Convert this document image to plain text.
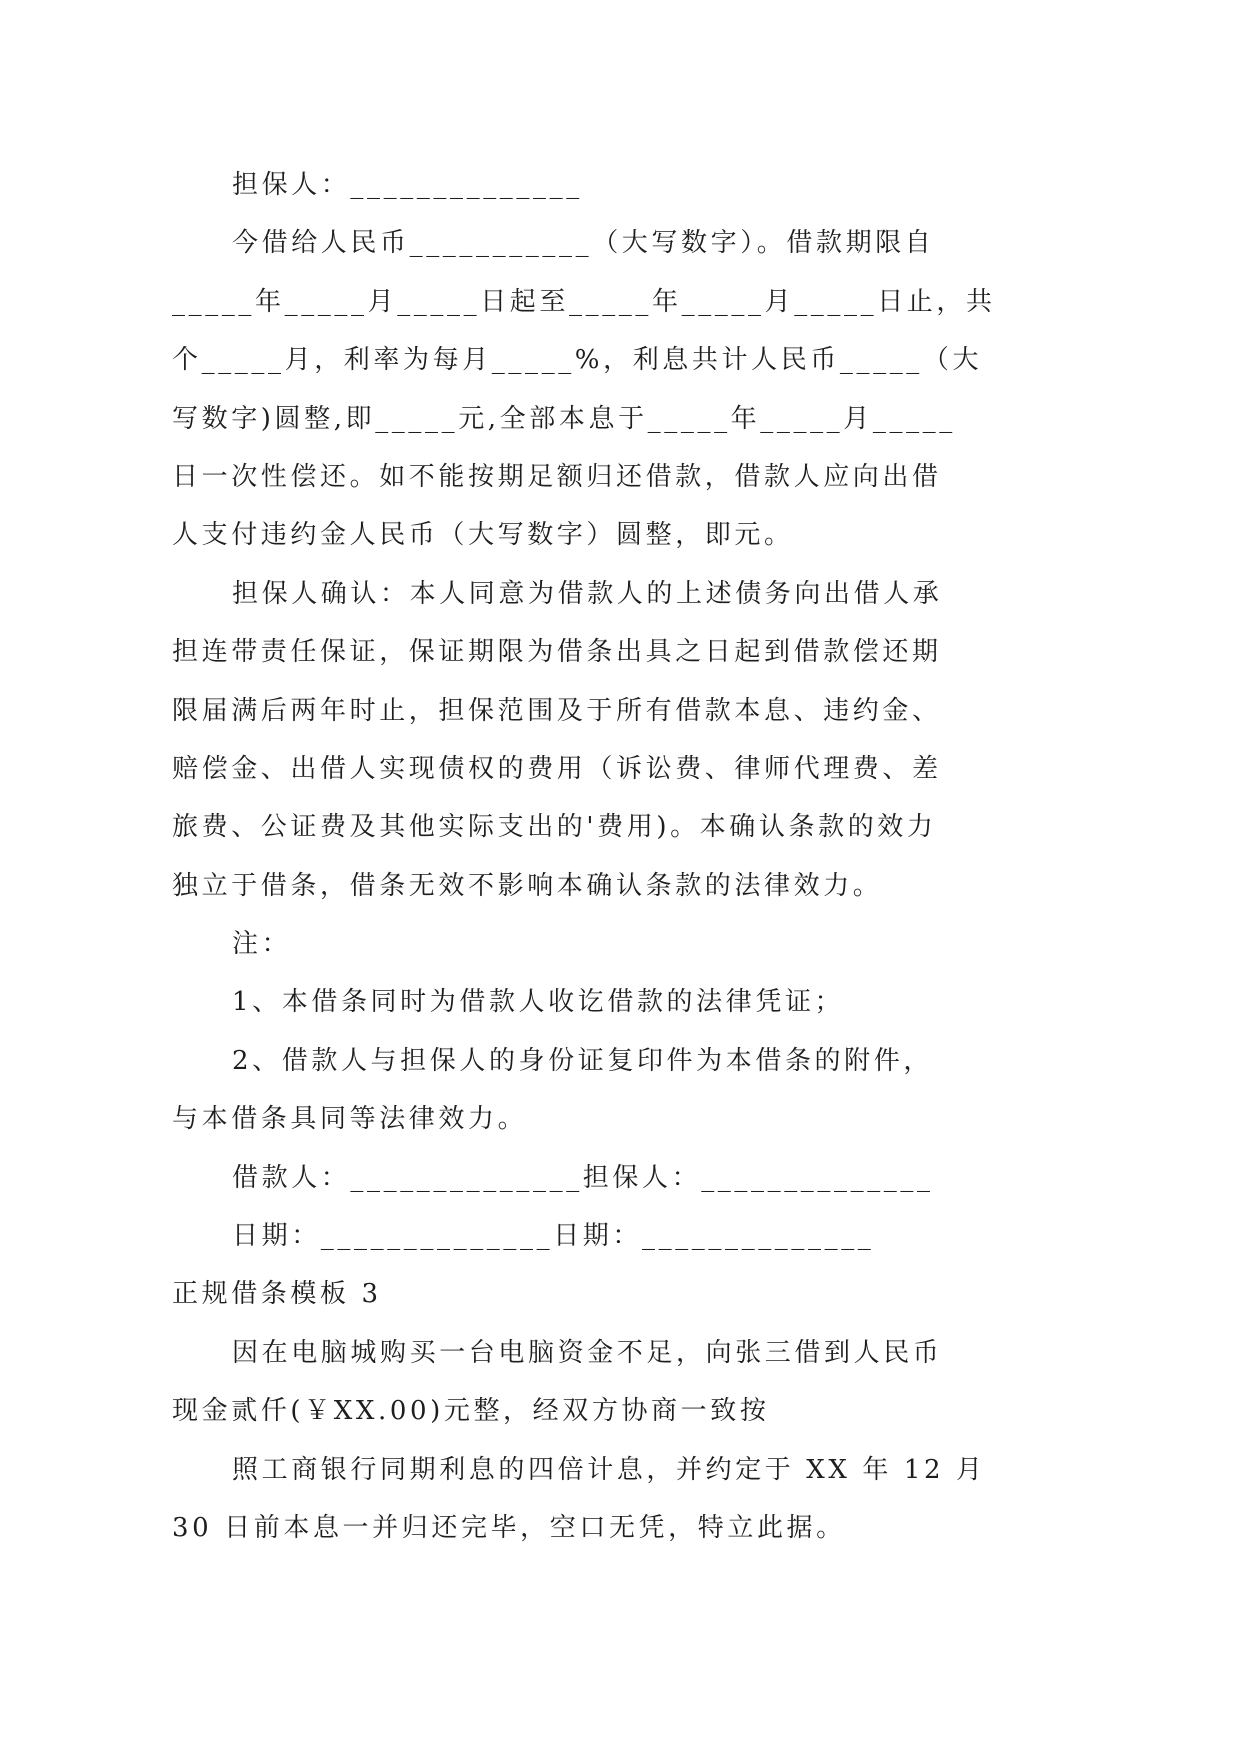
担保人：______________
今借给人民币___________（大写数字）。借款期限自
_____年_____月_____日起至_____年_____月_____日止，共
个_____月，利率为每月_____%，利息共计人民币_____（大
写数字)圆整,即_____元,全部本息于_____年_____月_____
日一次性偿还。如不能按期足额归还借款，借款人应向出借
人支付违约金人民币（大写数字）圆整，即元。
担保人确认：本人同意为借款人的上述债务向出借人承
担连带责任保证，保证期限为借条出具之日起到借款偿还期
限届满后两年时止，担保范围及于所有借款本息、违约金、
赔偿金、出借人实现债权的费用（诉讼费、律师代理费、差
旅费、公证费及其他实际支出的'费用)。本确认条款的效力
独立于借条，借条无效不影响本确认条款的法律效力。
注：
1、本借条同时为借款人收讫借款的法律凭证；
2、借款人与担保人的身份证复印件为本借条的附件，
与本借条具同等法律效力。
借款人：______________担保人：______________
日期：______________日期：______________
正规借条模板 3
因在电脑城购买一台电脑资金不足，向张三借到人民币
现金贰仟(￥XX.00)元整，经双方协商一致按
照工商银行同期利息的四倍计息，并约定于 XX 年 12 月
30 日前本息一并归还完毕，空口无凭，特立此据。
